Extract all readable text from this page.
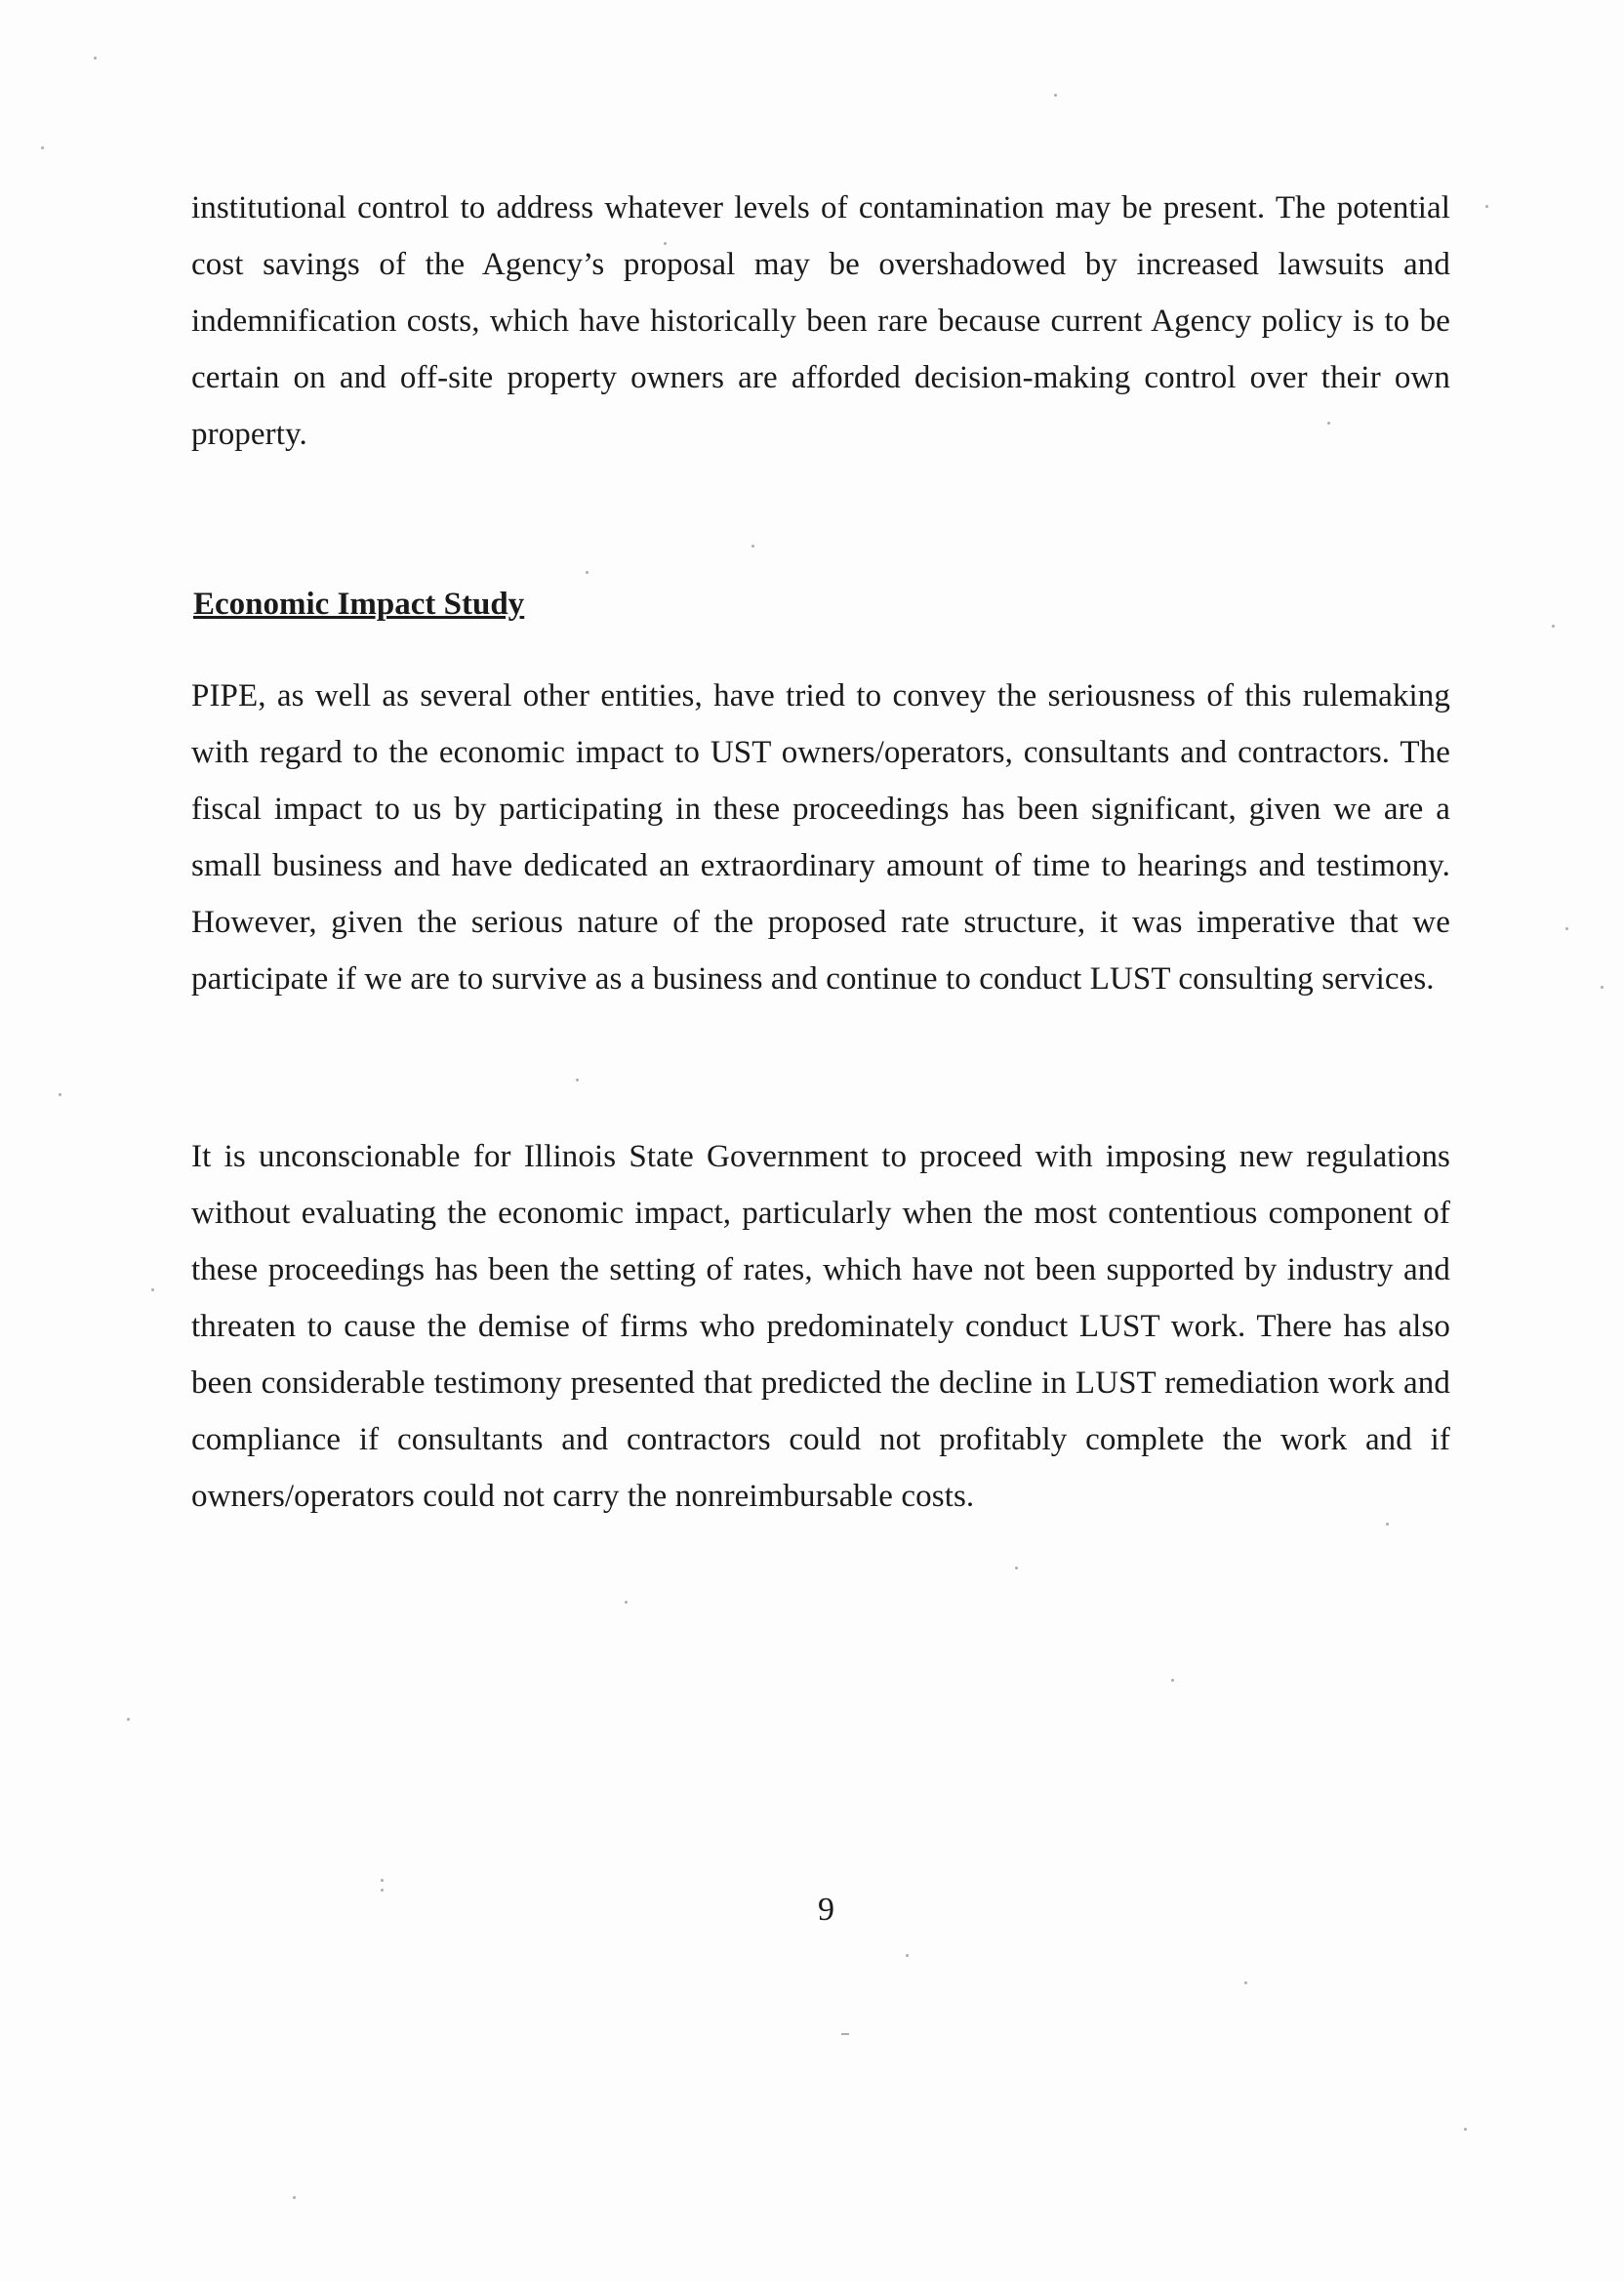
institutional control to address whatever levels of contamination may be present. The potential cost savings of the Agency’s proposal may be overshadowed by increased lawsuits and indemnification costs, which have historically been rare because current Agency policy is to be certain on and off-site property owners are afforded decision-making control over their own property.

Economic Impact Study

PIPE, as well as several other entities, have tried to convey the seriousness of this rulemaking with regard to the economic impact to UST owners/operators, consultants and contractors. The fiscal impact to us by participating in these proceedings has been significant, given we are a small business and have dedicated an extraordinary amount of time to hearings and testimony. However, given the serious nature of the proposed rate structure, it was imperative that we participate if we are to survive as a business and continue to conduct LUST consulting services.

It is unconscionable for Illinois State Government to proceed with imposing new regulations without evaluating the economic impact, particularly when the most contentious component of these proceedings has been the setting of rates, which have not been supported by industry and threaten to cause the demise of firms who predominately conduct LUST work. There has also been considerable testimony presented that predicted the decline in LUST remediation work and compliance if consultants and contractors could not profitably complete the work and if owners/operators could not carry the nonreimbursable costs.

9
